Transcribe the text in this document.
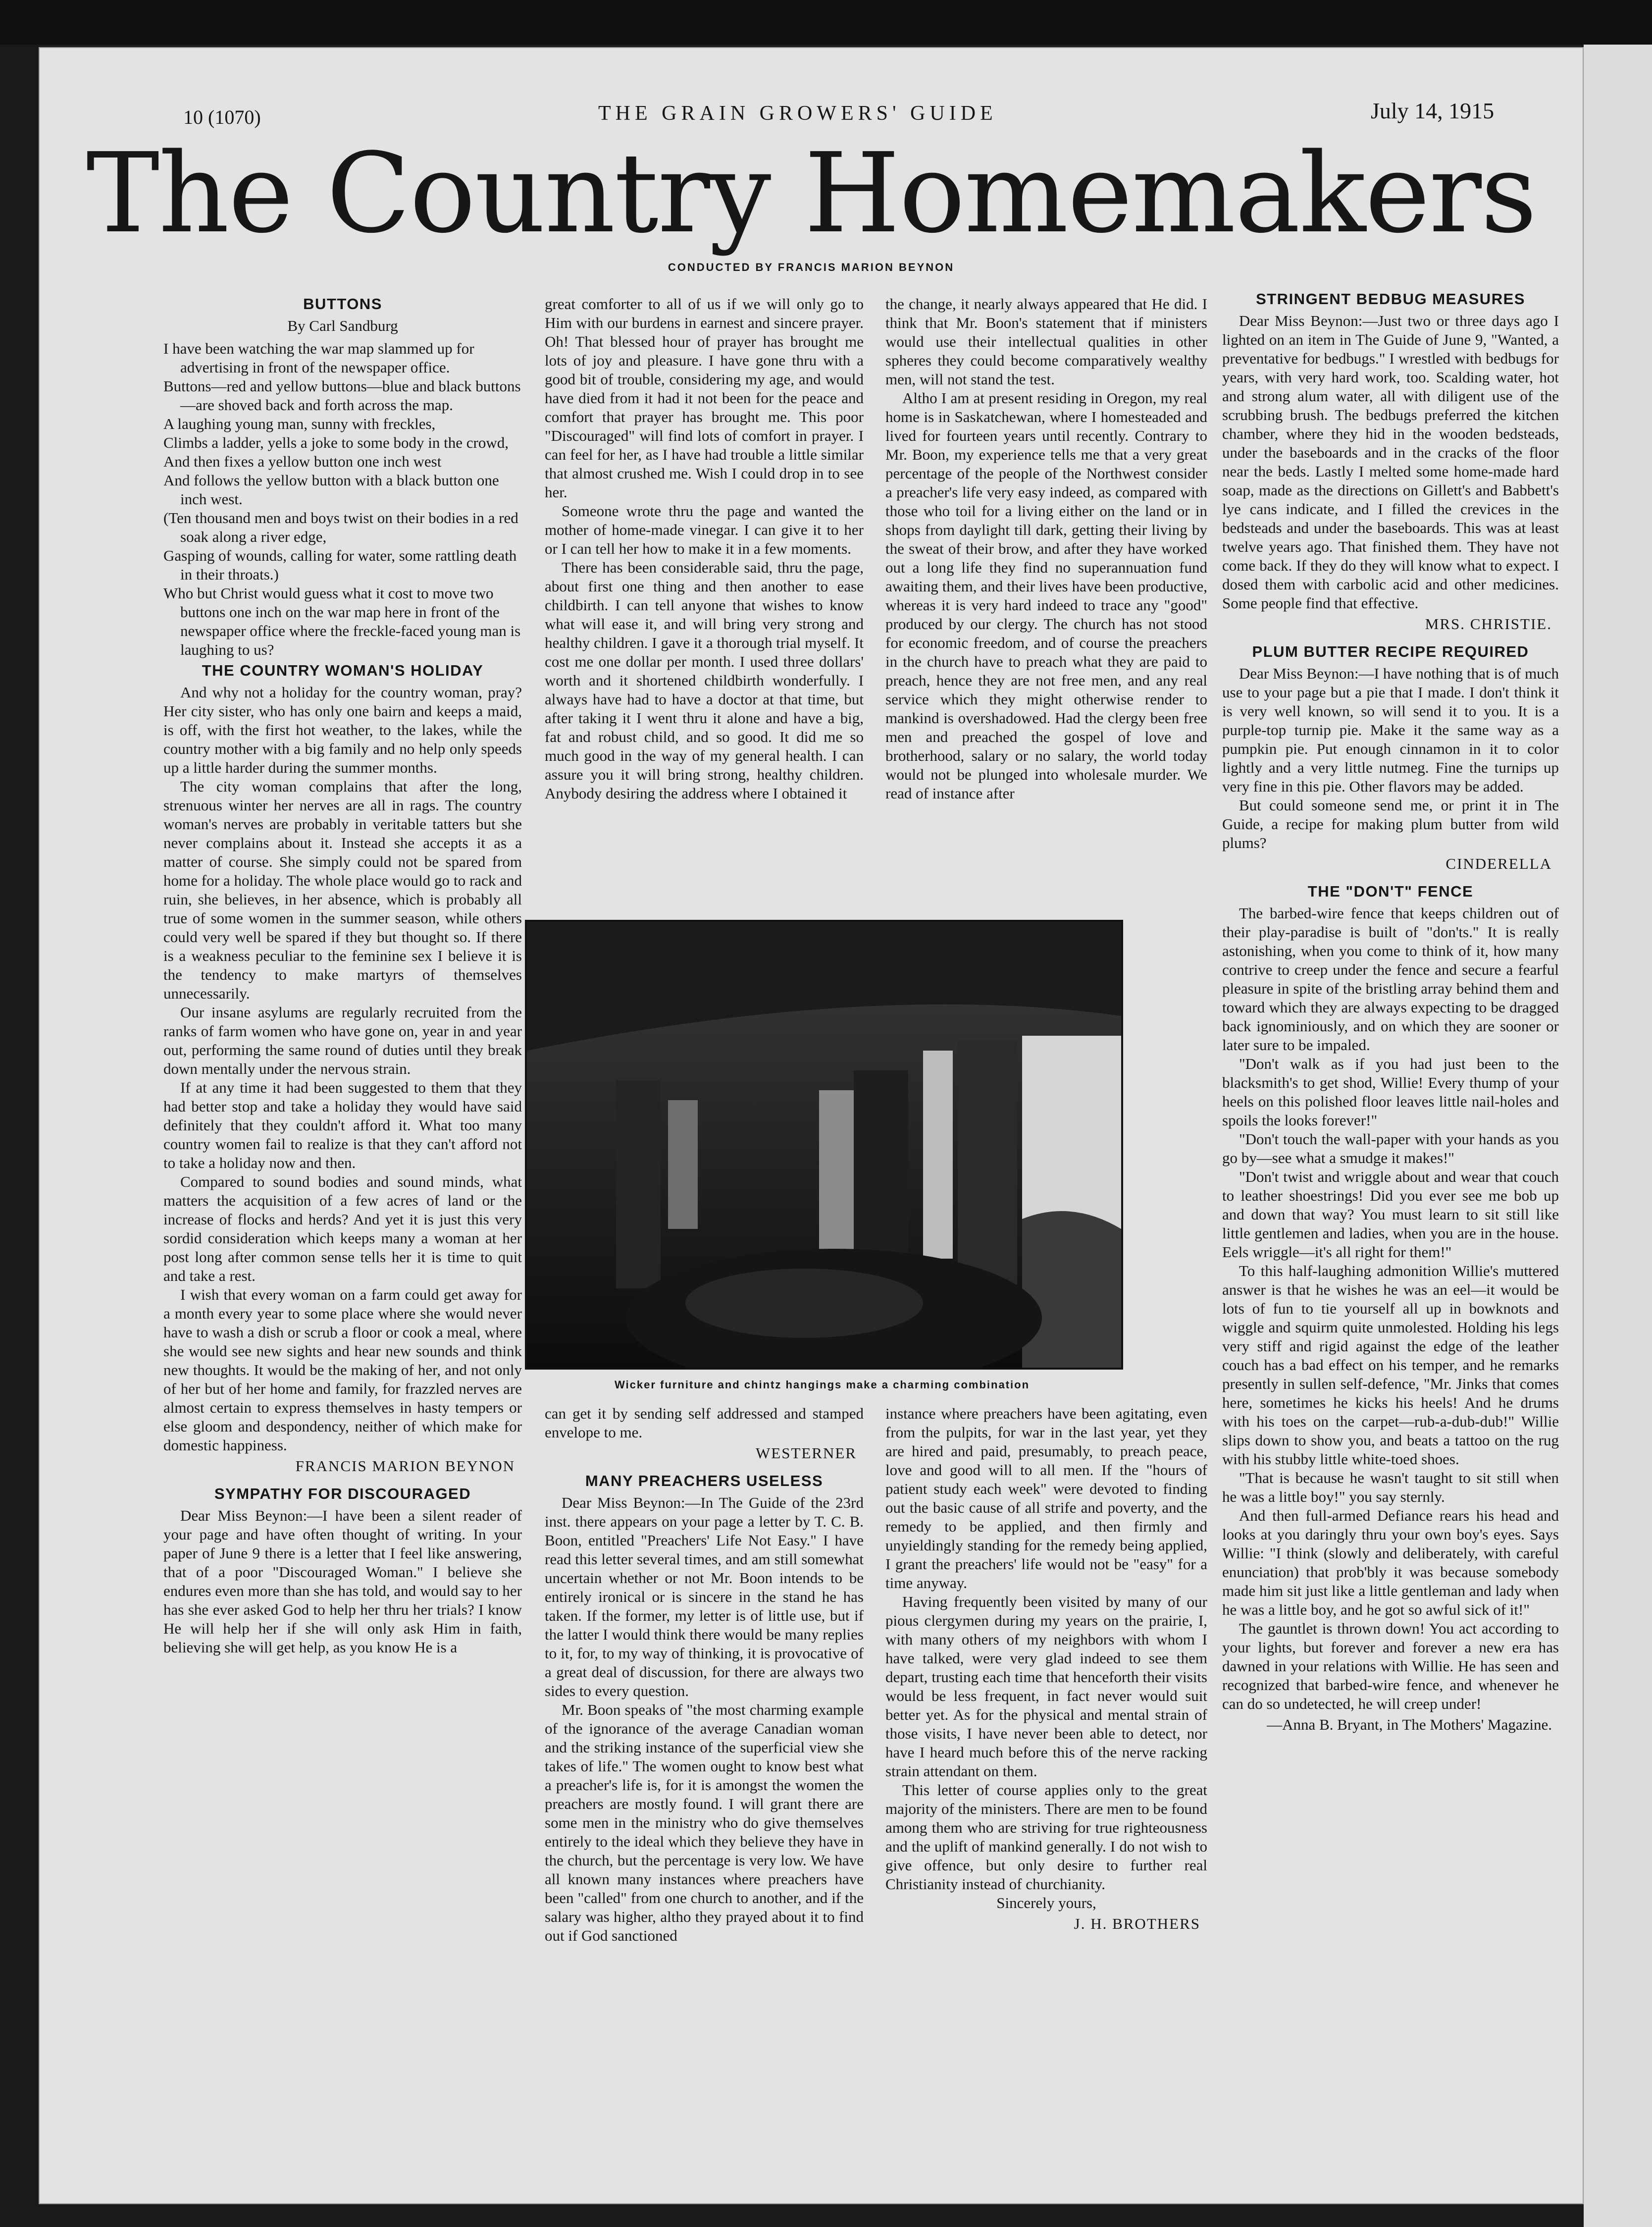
10 (1070)	THE GRAIN GROWERS' GUIDE	July 14, 1915
The Country Homemakers
CONDUCTED BY FRANCIS MARION BEYNON
BUTTONS

By Carl Sandburg

I have been watching the war map slammed up for advertising in front of the newspaper office.
Buttons—red and yellow buttons—blue and black buttons—are shoved back and forth across the map.

A laughing young man, sunny with freckles,
Climbs a ladder, yells a joke to some body in the crowd,
And then fixes a yellow button one inch west
And follows the yellow button with a black button one inch west.

(Ten thousand men and boys twist on their bodies in a red soak along a river edge,
Gasping of wounds, calling for water, some rattling death in their throats.)
Who but Christ would guess what it cost to move two buttons one inch on the war map here in front of the newspaper office where the freckle-faced young man is laughing to us?

THE COUNTRY WOMAN'S HOLIDAY

And why not a holiday for the country woman, pray? Her city sister, who has only one bairn and keeps a maid, is off, with the first hot weather, to the lakes, while the country mother with a big family and no help only speeds up a little harder during the summer months.

The city woman complains that after the long, strenuous winter her nerves are all in rags. The country woman's nerves are probably in veritable tatters but she never complains about it. Instead she accepts it as a matter of course. She simply could not be spared from home for a holiday. The whole place would go to rack and ruin, she believes, in her absence, which is probably all true of some women in the summer season, while others could very well be spared if they but thought so. If there is a weakness peculiar to the feminine sex I believe it is the tendency to make martyrs of themselves unnecessarily.

Our insane asylums are regularly recruited from the ranks of farm women who have gone on, year in and year out, performing the same round of duties until they break down mentally under the nervous strain.

If at any time it had been suggested to them that they had better stop and take a holiday they would have said definitely that they couldn't afford it. What too many country women fail to realize is that they can't afford not to take a holiday now and then.

Compared to sound bodies and sound minds, what matters the acquisition of a few acres of land or the increase of flocks and herds? And yet it is just this very sordid consideration which keeps many a woman at her post long after common sense tells her it is time to quit and take a rest.

I wish that every woman on a farm could get away for a month every year to some place where she would never have to wash a dish or scrub a floor or cook a meal, where she would see new sights and hear new sounds and think new thoughts. It would be the making of her, and not only of her but of her home and family, for frazzled nerves are almost certain to express themselves in hasty tempers or else gloom and despondency, neither of which make for domestic happiness.

FRANCIS MARION BEYNON

SYMPATHY FOR DISCOURAGED

Dear Miss Beynon:—I have been a silent reader of your page and have often thought of writing. In your paper of June 9 there is a letter that I feel like answering, that of a poor "Discouraged Woman." I believe she endures even more than she has told, and would say to her has she ever asked God to help her thru her trials? I know He will help her if she will only ask Him in faith, believing she will get help, as you know He is a

great comforter to all of us if we will only go to Him with our burdens in earnest and sincere prayer. Oh! That blessed hour of prayer has brought me lots of joy and pleasure. I have gone thru with a good bit of trouble, considering my age, and would have died from it had it not been for the peace and comfort that prayer has brought me. This poor "Discouraged" will find lots of comfort in prayer. I can feel for her, as I have had trouble a little similar that almost crushed me. Wish I could drop in to see her.

Someone wrote thru the page and wanted the mother of home-made vinegar. I can give it to her or I can tell her how to make it in a few moments.

There has been considerable said, thru the page, about first one thing and then another to ease childbirth. I can tell anyone that wishes to know what will ease it, and will bring very strong and healthy children. I gave it a thorough trial myself. It cost me one dollar per month. I used three dollars' worth and it shortened childbirth wonderfully. I always have had to have a doctor at that time, but after taking it I went thru it alone and have a big, fat and robust child, and so good. It did me so much good in the way of my general health. I can assure you it will bring strong, healthy children. Anybody desiring the address where I obtained it

the change, it nearly always appeared that He did. I think that Mr. Boon's statement that if ministers would use their intellectual qualities in other spheres they could become comparatively wealthy men, will not stand the test.

Altho I am at present residing in Oregon, my real home is in Saskatchewan, where I homesteaded and lived for fourteen years until recently. Contrary to Mr. Boon, my experience tells me that a very great percentage of the people of the Northwest consider a preacher's life very easy indeed, as compared with those who toil for a living either on the land or in shops from daylight till dark, getting their living by the sweat of their brow, and after they have worked out a long life they find no superannuation fund awaiting them, and their lives have been productive, whereas it is very hard indeed to trace any "good" produced by our clergy. The church has not stood for economic freedom, and of course the preachers in the church have to preach what they are paid to preach, hence they are not free men, and any real service which they might otherwise render to mankind is overshadowed. Had the clergy been free men and preached the gospel of love and brotherhood, salary or no salary, the world today would not be plunged into wholesale murder. We read of instance after

Wicker furniture and chintz hangings make a charming combination

can get it by sending self addressed and stamped envelope to me.

WESTERNER

MANY PREACHERS USELESS

Dear Miss Beynon:—In The Guide of the 23rd inst. there appears on your page a letter by T. C. B. Boon, entitled "Preachers' Life Not Easy." I have read this letter several times, and am still somewhat uncertain whether or not Mr. Boon intends to be entirely ironical or is sincere in the stand he has taken. If the former, my letter is of little use, but if the latter I would think there would be many replies to it, for, to my way of thinking, it is provocative of a great deal of discussion, for there are always two sides to every question.

Mr. Boon speaks of "the most charming example of the ignorance of the average Canadian woman and the striking instance of the superficial view she takes of life." The women ought to know best what a preacher's life is, for it is amongst the women the preachers are mostly found. I will grant there are some men in the ministry who do give themselves entirely to the ideal which they believe they have in the church, but the percentage is very low. We have all known many instances where preachers have been "called" from one church to another, and if the salary was higher, altho they prayed about it to find out if God sanctioned

instance where preachers have been agitating, even from the pulpits, for war in the last year, yet they are hired and paid, presumably, to preach peace, love and good will to all men. If the "hours of patient study each week" were devoted to finding out the basic cause of all strife and poverty, and the remedy to be applied, and then firmly and unyieldingly standing for the remedy being applied, I grant the preachers' life would not be "easy" for a time anyway.

Having frequently been visited by many of our pious clergymen during my years on the prairie, I, with many others of my neighbors with whom I have talked, were very glad indeed to see them depart, trusting each time that henceforth their visits would be less frequent, in fact never would suit better yet. As for the physical and mental strain of those visits, I have never been able to detect, nor have I heard much before this of the nerve racking strain attendant on them.

This letter of course applies only to the great majority of the ministers. There are men to be found among them who are striving for true righteousness and the uplift of mankind generally. I do not wish to give offence, but only desire to further real Christianity instead of churchianity.

Sincerely yours,

J. H. BROTHERS

STRINGENT BEDBUG MEASURES

Dear Miss Beynon:—Just two or three days ago I lighted on an item in The Guide of June 9, "Wanted, a preventative for bedbugs." I wrestled with bedbugs for years, with very hard work, too. Scalding water, hot and strong alum water, all with diligent use of the scrubbing brush. The bedbugs preferred the kitchen chamber, where they hid in the wooden bedsteads, under the baseboards and in the cracks of the floor near the beds. Lastly I melted some home-made hard soap, made as the directions on Gillett's and Babbett's lye cans indicate, and I filled the crevices in the bedsteads and under the baseboards. This was at least twelve years ago. That finished them. They have not come back. If they do they will know what to expect. I dosed them with carbolic acid and other medicines. Some people find that effective.

MRS. CHRISTIE.

PLUM BUTTER RECIPE REQUIRED

Dear Miss Beynon:—I have nothing that is of much use to your page but a pie that I made. I don't think it is very well known, so will send it to you. It is a purple-top turnip pie. Make it the same way as a pumpkin pie. Put enough cinnamon in it to color lightly and a very little nutmeg. Fine the turnips up very fine in this pie. Other flavors may be added.

But could someone send me, or print it in The Guide, a recipe for making plum butter from wild plums?

CINDERELLA

THE "DON'T" FENCE

The barbed-wire fence that keeps children out of their play-paradise is built of "don'ts." It is really astonishing, when you come to think of it, how many contrive to creep under the fence and secure a fearful pleasure in spite of the bristling array behind them and toward which they are always expecting to be dragged back ignominiously, and on which they are sooner or later sure to be impaled.

"Don't walk as if you had just been to the blacksmith's to get shod, Willie! Every thump of your heels on this polished floor leaves little nail-holes and spoils the looks forever!"

"Don't touch the wall-paper with your hands as you go by—see what a smudge it makes!"

"Don't twist and wriggle about and wear that couch to leather shoestrings! Did you ever see me bob up and down that way? You must learn to sit still like little gentlemen and ladies, when you are in the house. Eels wriggle—it's all right for them!"

To this half-laughing admonition Willie's muttered answer is that he wishes he was an eel—it would be lots of fun to tie yourself all up in bowknots and wiggle and squirm quite unmolested. Holding his legs very stiff and rigid against the edge of the leather couch has a bad effect on his temper, and he remarks presently in sullen self-defence, "Mr. Jinks that comes here, sometimes he kicks his heels! And he drums with his toes on the carpet—rub-a-dub-dub!" Willie slips down to show you, and beats a tattoo on the rug with his stubby little white-toed shoes.

"That is because he wasn't taught to sit still when he was a little boy!" you say sternly.

And then full-armed Defiance rears his head and looks at you daringly thru your own boy's eyes. Says Willie: "I think (slowly and deliberately, with careful enunciation) that prob'bly it was because somebody made him sit just like a little gentleman and lady when he was a little boy, and he got so awful sick of it!"

The gauntlet is thrown down! You act according to your lights, but forever and forever a new era has dawned in your relations with Willie. He has seen and recognized that barbed-wire fence, and whenever he can do so undetected, he will creep under!

—Anna B. Bryant, in The Mothers' Magazine.
